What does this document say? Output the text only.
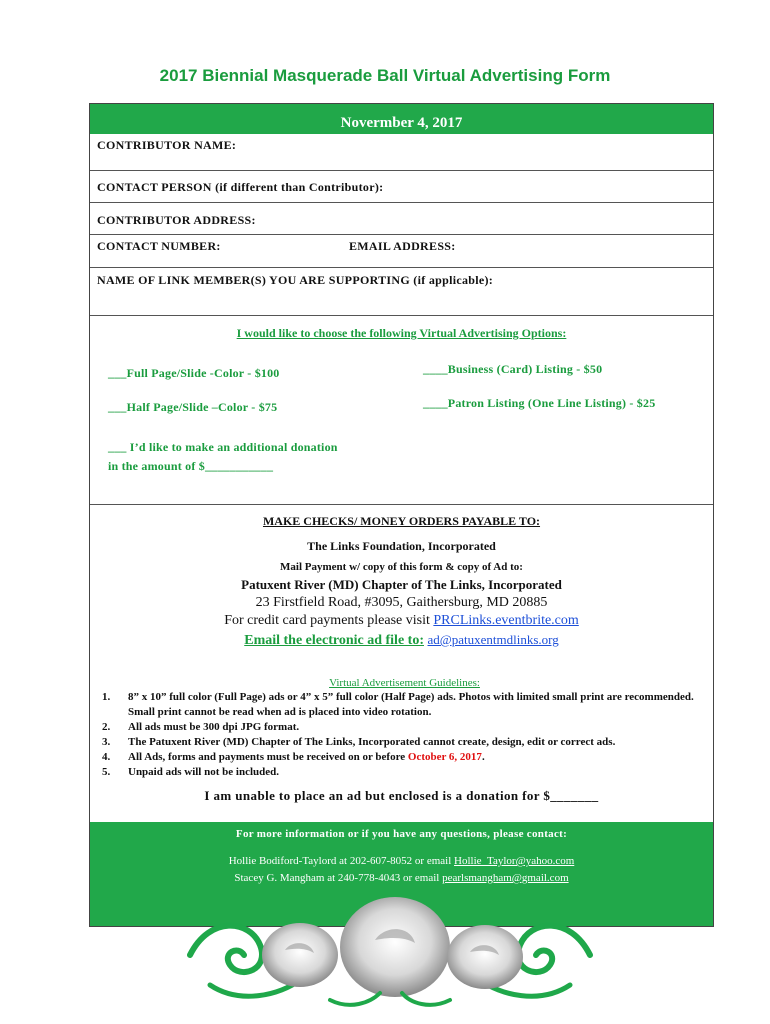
2017 Biennial Masquerade Ball Virtual Advertising Form
Novermber 4, 2017
CONTRIBUTOR NAME:
CONTACT PERSON (if different than Contributor):
CONTRIBUTOR ADDRESS:
CONTACT NUMBER:	EMAIL ADDRESS:
NAME OF LINK MEMBER(S) YOU ARE SUPPORTING (if applicable):
I would like to choose the following Virtual Advertising Options:
___Full Page/Slide -Color - $100	____Business (Card) Listing - $50
___Half Page/Slide –Color - $75	____Patron Listing (One Line Listing) - $25
___ I’d like to make an additional donation
in the amount of $___________
MAKE CHECKS/ MONEY ORDERS PAYABLE TO:
The Links Foundation, Incorporated
Mail Payment w/ copy of this form & copy of Ad to:
Patuxent River (MD) Chapter of The Links, Incorporated
23 Firstfield Road, #3095, Gaithersburg, MD 20885
For credit card payments please visit PRCLinks.eventbrite.com
Email the electronic ad file to: ad@patuxentmdlinks.org
Virtual Advertisement Guidelines:
1. 8” x 10” full color (Full Page) ads or 4” x 5” full color (Half Page) ads. Photos with limited small print are recommended. Small print cannot be read when ad is placed into video rotation.
2. All ads must be 300 dpi JPG format.
3. The Patuxent River (MD) Chapter of The Links, Incorporated cannot create, design, edit or correct ads.
4. All Ads, forms and payments must be received on or before October 6, 2017.
5. Unpaid ads will not be included.
I am unable to place an ad but enclosed is a donation for $_______
For more information or if you have any questions, please contact:
Hollie Bodiford-Taylord at 202-607-8052 or email Hollie_Taylor@yahoo.com
Stacey G. Mangham at 240-778-4043 or email pearlsmangham@gmail.com
